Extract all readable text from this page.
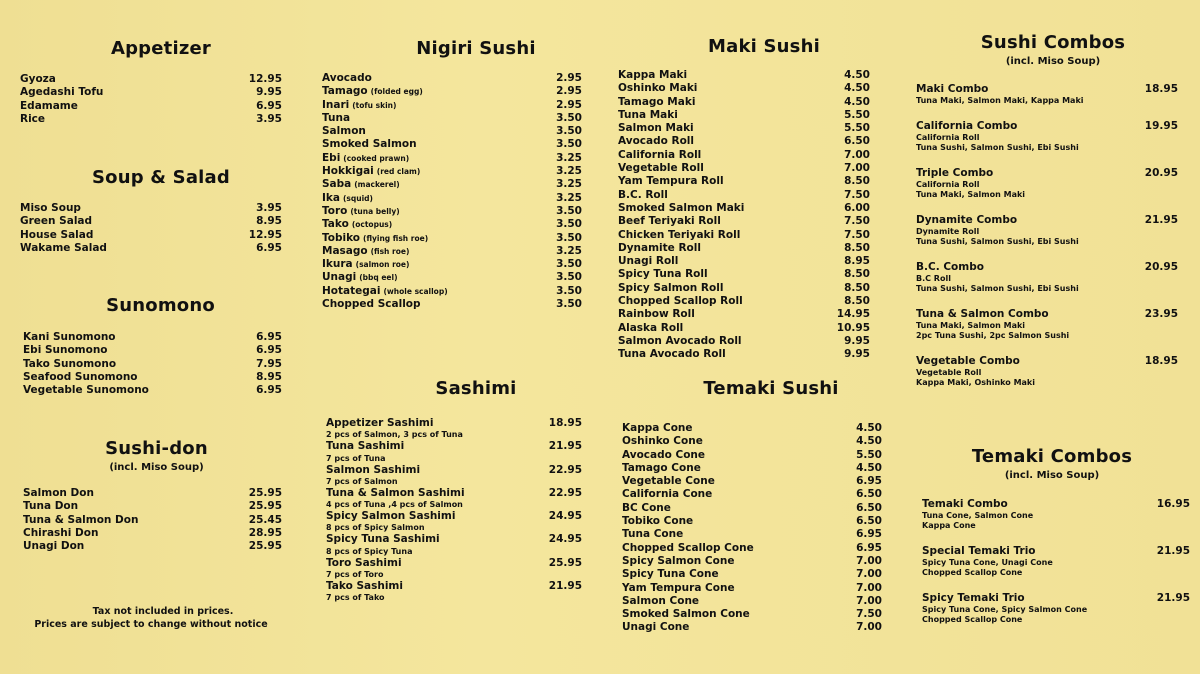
Appetizer
Gyoza	12.95
Agedashi Tofu	9.95
Edamame	6.95
Rice	3.95
Soup & Salad
Miso Soup	3.95
Green Salad	8.95
House Salad	12.95
Wakame Salad	6.95
Sunomono
Kani Sunomono	6.95
Ebi Sunomono	6.95
Tako Sunomono	7.95
Seafood Sunomono	8.95
Vegetable Sunomono	6.95
Sushi-don
(incl. Miso Soup)
Salmon Don	25.95
Tuna Don	25.95
Tuna & Salmon Don	25.45
Chirashi Don	28.95
Unagi Don	25.95
Tax not included in prices.
Prices are subject to change without notice
Nigiri Sushi
Avocado	2.95
Tamago (folded egg)	2.95
Inari (tofu skin)	2.95
Tuna	3.50
Salmon	3.50
Smoked Salmon	3.50
Ebi (cooked prawn)	3.25
Hokkigai (red clam)	3.25
Saba (mackerel)	3.25
Ika (squid)	3.25
Toro (tuna belly)	3.50
Tako (octopus)	3.50
Tobiko (flying fish roe)	3.50
Masago (fish roe)	3.25
Ikura (salmon roe)	3.50
Unagi (bbq eel)	3.50
Hotategai (whole scallop)	3.50
Chopped Scallop	3.50
Sashimi
Appetizer Sashimi	18.95
2 pcs of Salmon, 3 pcs of Tuna
Tuna Sashimi	21.95
7 pcs of Tuna
Salmon Sashimi	22.95
7 pcs of Salmon
Tuna & Salmon Sashimi	22.95
4 pcs of Tuna ,4 pcs of Salmon
Spicy Salmon Sashimi	24.95
8 pcs of Spicy Salmon
Spicy Tuna Sashimi	24.95
8 pcs of Spicy Tuna
Toro Sashimi	25.95
7 pcs of Toro
Tako Sashimi	21.95
7 pcs of Tako
Maki Sushi
Kappa Maki	4.50
Oshinko Maki	4.50
Tamago Maki	4.50
Tuna Maki	5.50
Salmon Maki	5.50
Avocado Roll	6.50
California Roll	7.00
Vegetable Roll	7.00
Yam Tempura Roll	8.50
B.C. Roll	7.50
Smoked Salmon Maki	6.00
Beef Teriyaki Roll	7.50
Chicken Teriyaki Roll	7.50
Dynamite Roll	8.50
Unagi Roll	8.95
Spicy Tuna Roll	8.50
Spicy Salmon Roll	8.50
Chopped Scallop Roll	8.50
Rainbow Roll	14.95
Alaska Roll	10.95
Salmon Avocado Roll	9.95
Tuna Avocado Roll	9.95
Temaki Sushi
Kappa Cone	4.50
Oshinko Cone	4.50
Avocado Cone	5.50
Tamago Cone	4.50
Vegetable Cone	6.95
California Cone	6.50
BC Cone	6.50
Tobiko Cone	6.50
Tuna Cone	6.95
Chopped Scallop Cone	6.95
Spicy Salmon Cone	7.00
Spicy Tuna Cone	7.00
Yam Tempura Cone	7.00
Salmon Cone	7.00
Smoked Salmon Cone	7.50
Unagi Cone	7.00
Sushi Combos
(incl. Miso Soup)
Maki Combo	18.95
Tuna Maki, Salmon Maki, Kappa Maki
California Combo	19.95
California Roll
Tuna Sushi, Salmon Sushi, Ebi Sushi
Triple Combo	20.95
California Roll
Tuna Maki, Salmon Maki
Dynamite Combo	21.95
Dynamite Roll
Tuna Sushi, Salmon Sushi, Ebi Sushi
B.C. Combo	20.95
B.C Roll
Tuna Sushi, Salmon Sushi, Ebi Sushi
Tuna & Salmon Combo	23.95
Tuna Maki, Salmon Maki
2pc Tuna Sushi, 2pc Salmon Sushi
Vegetable Combo	18.95
Vegetable Roll
Kappa Maki, Oshinko Maki
Temaki Combos
(incl. Miso Soup)
Temaki Combo	16.95
Tuna Cone, Salmon Cone
Kappa Cone
Special Temaki Trio	21.95
Spicy Tuna Cone, Unagi Cone
Chopped Scallop Cone
Spicy Temaki Trio	21.95
Spicy Tuna Cone, Spicy Salmon Cone
Chopped Scallop Cone
